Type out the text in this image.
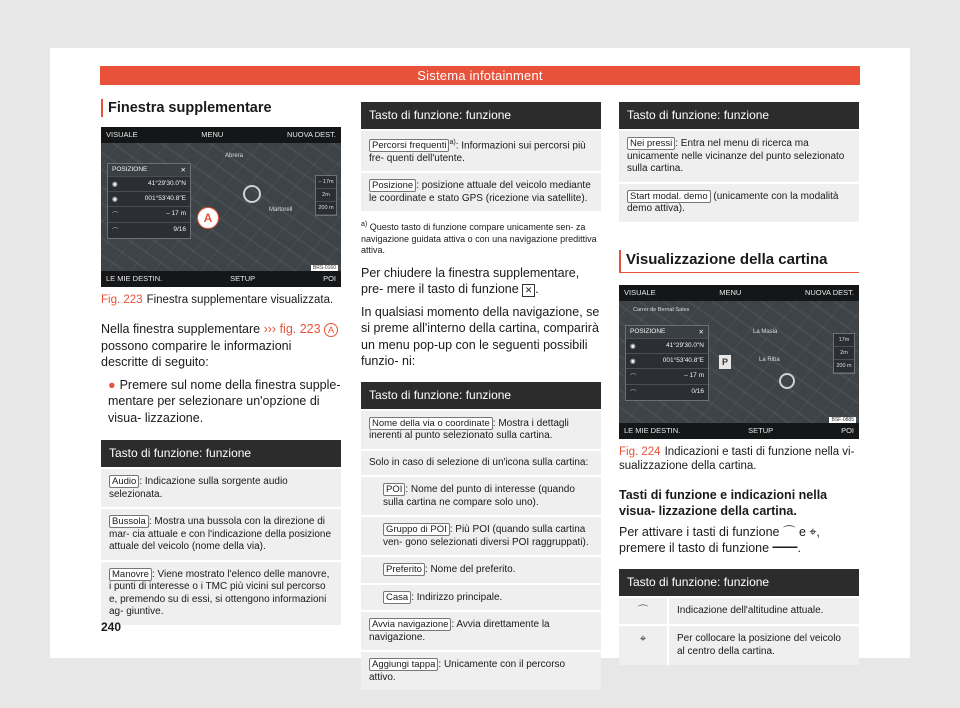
Sistema infotainment
Finestra supplementare
VISUALE	MENU	NUOVA DEST.
Abrera
Martorell
POSIZIONE	✕
◉	41°29'30.0"N
◉	001°53'40.8"E
⌒	– 17 m
⌒	9/16
A
– 17m
2m
200 m
LE MIE DESTIN.	SETUP	POI
BRS-0160
Fig. 223 Finestra supplementare visualizzata.

Nella finestra supplementare ››› fig. 223 A possono comparire le informazioni descritte di seguito:

● Premere sul nome della finestra supple- mentare per selezionare un'opzione di visua- lizzazione.

Tasto di funzione: funzione
Audio : Indicazione sulla sorgente audio selezionata.
Bussola : Mostra una bussola con la direzione di mar- cia attuale e con l'indicazione della posizione attuale del veicolo (nome della via).
Manovre : Viene mostrato l'elenco delle manovre, i punti di interesse o i TMC più vicini sul percorso e, premendo su di essi, si ottengono informazioni ag- giuntive.
Tasto di funzione: funzione
Percorsi frequenti $^{a)}$: Informazioni sui percorsi più fre- quenti dell'utente.
Posizione : posizione attuale del veicolo mediante le coordinate e stato GPS (ricezione via satellite).

$^{a)}$ Questo tasto di funzione compare unicamente sen- za navigazione guidata attiva o con una navigazione predittiva attiva.

Per chiudere la finestra supplementare, pre- mere il tasto di funzione ✕ .

In qualsiasi momento della navigazione, se si preme all'interno della cartina, comparirà un menu pop-up con le seguenti possibili funzio- ni:

Tasto di funzione: funzione
Nome della via o coordinate : Mostra i dettagli inerenti al punto selezionato sulla cartina.
Solo in caso di selezione di un'icona sulla cartina:
POI : Nome del punto di interesse (quando sulla cartina ne compare solo uno).
Gruppo di POI : Più POI (quando sulla cartina ven- gono selezionati diversi POI raggruppati).
Preferito : Nome del preferito.
Casa : Indirizzo principale.
Avvia navigazione : Avvia direttamente la navigazione.
Aggiungi tappa : Unicamente con il percorso attivo.
Tasto di funzione: funzione
Nei pressi : Entra nel menu di ricerca ma unicamente nelle vicinanze del punto selezionato sulla cartina.
Start modal. demo (unicamente con la modalità demo attiva).
Visualizzazione della cartina
VISUALE	MENU	NUOVA DEST.
Carrer de Bernat Sales
La Masia
La Riba
POSIZIONE	✕
◉	41°29'30.0"N
◉	001°53'40.8"E
⌒	– 17 m
⌒	0/16
P
17m
2m
200 m
LE MIE DESTIN.	SETUP	POI
BSF-0885
Fig. 224 Indicazioni e tasti di funzione nella vi- sualizzazione della cartina.

Tasti di funzione e indicazioni nella visua- lizzazione della cartina.

Per attivare i tasti di funzione ⌒ e ⌖, premere il tasto di funzione ━━.

Tasto di funzione: funzione
⌒	Indicazione dell'altitudine attuale.
⌖	Per collocare la posizione del veicolo al centro della cartina.
240
